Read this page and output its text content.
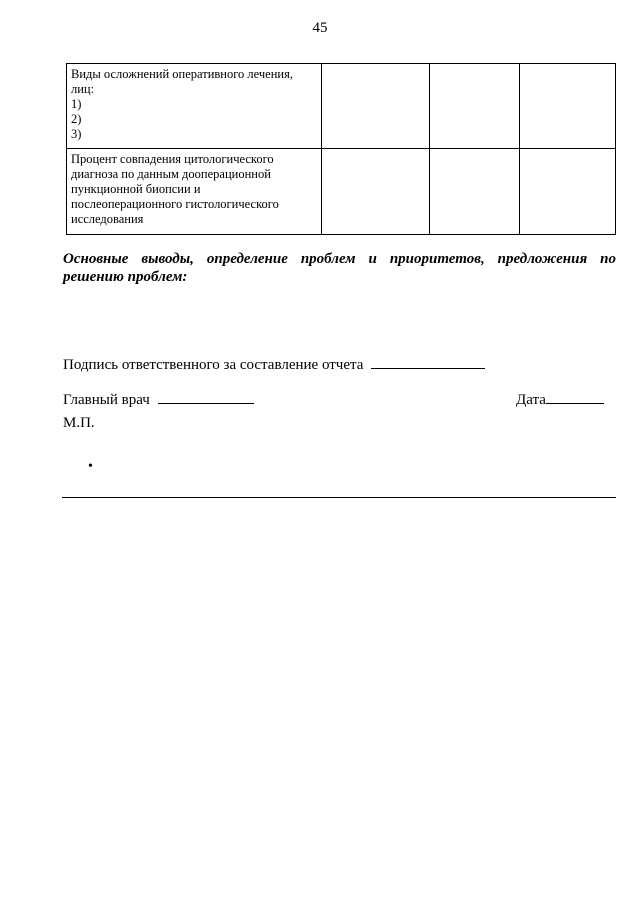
45
Виды осложнений оперативного лечения,
лиц:
1)
2)
3)			

Процент совпадения цитологического
диагноза по данным дооперационной
пункционной биопсии и
послеоперационного гистологического
исследования			

Основные выводы, определение проблем и приоритетов, предложения по решению проблем:
Подпись ответственного за составление отчета
Главный врач	Дата
М.П.
•
